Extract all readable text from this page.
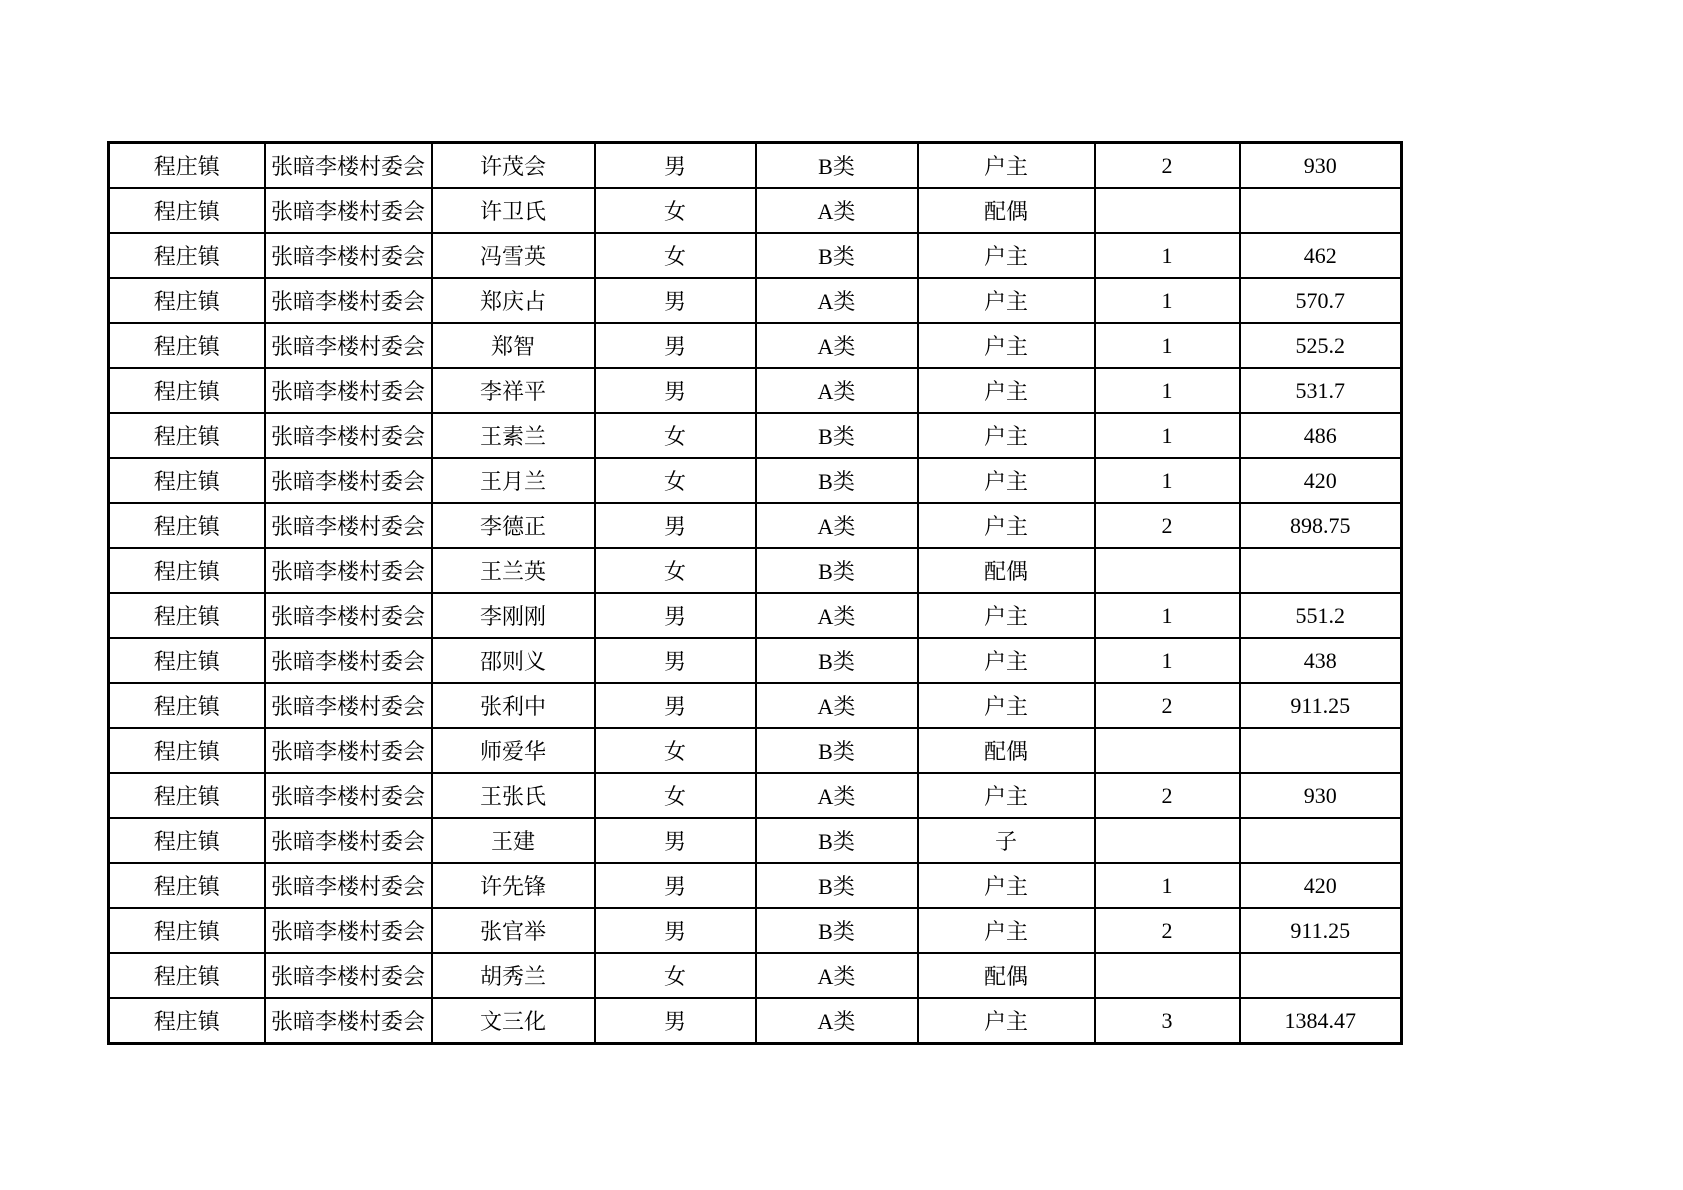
程庄镇	张暗李楼村委会	许茂会	男	B类	户主	2	930
程庄镇	张暗李楼村委会	许卫氏	女	A类	配偶		
程庄镇	张暗李楼村委会	冯雪英	女	B类	户主	1	462
程庄镇	张暗李楼村委会	郑庆占	男	A类	户主	1	570.7
程庄镇	张暗李楼村委会	郑智	男	A类	户主	1	525.2
程庄镇	张暗李楼村委会	李祥平	男	A类	户主	1	531.7
程庄镇	张暗李楼村委会	王素兰	女	B类	户主	1	486
程庄镇	张暗李楼村委会	王月兰	女	B类	户主	1	420
程庄镇	张暗李楼村委会	李德正	男	A类	户主	2	898.75
程庄镇	张暗李楼村委会	王兰英	女	B类	配偶		
程庄镇	张暗李楼村委会	李刚刚	男	A类	户主	1	551.2
程庄镇	张暗李楼村委会	邵则义	男	B类	户主	1	438
程庄镇	张暗李楼村委会	张利中	男	A类	户主	2	911.25
程庄镇	张暗李楼村委会	师爱华	女	B类	配偶		
程庄镇	张暗李楼村委会	王张氏	女	A类	户主	2	930
程庄镇	张暗李楼村委会	王建	男	B类	子		
程庄镇	张暗李楼村委会	许先锋	男	B类	户主	1	420
程庄镇	张暗李楼村委会	张官举	男	B类	户主	2	911.25
程庄镇	张暗李楼村委会	胡秀兰	女	A类	配偶		
程庄镇	张暗李楼村委会	文三化	男	A类	户主	3	1384.47
